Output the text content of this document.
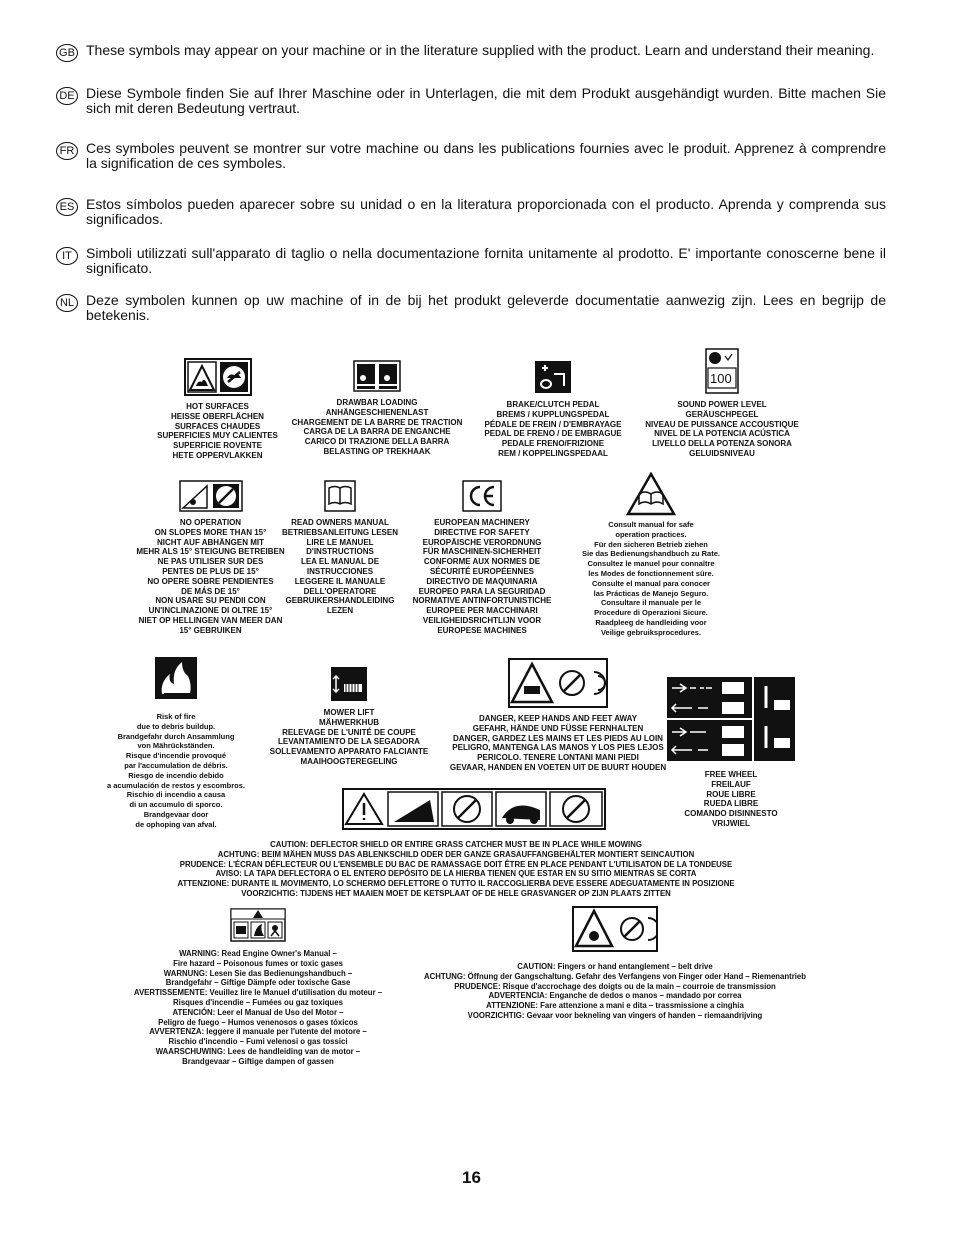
GB These symbols may appear on your machine or in the literature supplied with the product. Learn and understand their meaning.
DE Diese Symbole finden Sie auf Ihrer Maschine oder in Unterlagen, die mit dem Produkt ausgehändigt wurden. Bitte machen Sie sich mit deren Bedeutung vertraut.
FR Ces symboles peuvent se montrer sur votre machine ou dans les publications fournies avec le produit. Apprenez à comprendre la signification de ces symboles.
ES Estos símbolos pueden aparecer sobre su unidad o en la literatura proporcionada con el producto. Aprenda y comprenda sus significados.
IT	Simboli utilizzati sull'apparato di taglio o nella documentazione fornita unitamente al prodotto. E' importante conoscerne bene il significato.
NL Deze symbolen kunnen op uw machine of in de bij het produkt geleverde documentatie aanwezig zijn. Lees en begrijp de betekenis.
HOT SURFACES
HEISSE OBERFLÄCHEN
SURFACES CHAUDES
SUPERFICIES MUY CALIENTES
SUPERFICIE ROVENTE
HETE OPPERVLAKKEN
DRAWBAR LOADING
ANHÄNGESCHIENENLAST
CHARGEMENT DE LA BARRE DE TRACTION
CARGA DE LA BARRA DE ENGANCHE
CARICO DI TRAZIONE DELLA BARRA
BELASTING OP TREKHAAK
BRAKE/CLUTCH PEDAL
BREMS / KUPPLUNGSPEDAL
PÉDALE DE FREIN / D'EMBRAYAGE
PEDAL DE FRENO / DE EMBRAGUE
PEDALE FRENO/FRIZIONE
REM / KOPPELINGSPEDAAL
100
SOUND POWER LEVEL
GERÄUSCHPEGEL
NIVEAU DE PUISSANCE ACCOUSTIQUE
NIVEL DE LA POTENCIA ACÚSTICA
LIVELLO DELLA POTENZA SONORA
GELUIDSNIVEAU
NO OPERATION
ON SLOPES MORE THAN 15°
NICHT AUF ABHÄNGEN MIT
MEHR ALS 15° STEIGUNG BETREIBEN
NE PAS UTILISER SUR DES
PENTES DE PLUS DE 15°
NO OPERE SOBRE PENDIENTES
DE MÁS DE 15°
NON USARE SU PENDII CON
UN'INCLINAZIONE DI OLTRE 15°
NIET OP HELLINGEN VAN MEER DAN
15° GEBRUIKEN
READ OWNERS MANUAL
BETRIEBSANLEITUNG LESEN
LIRE LE MANUEL
D'INSTRUCTIONS
LEA EL MANUAL DE
INSTRUCCIONES
LEGGERE IL MANUALE
DELL'OPERATORE
GEBRUIKERSHANDLEIDING
LEZEN
EUROPEAN MACHINERY
DIRECTIVE FOR SAFETY
EUROPÄISCHE VERORDNUNG
FÜR MASCHINEN-SICHERHEIT
CONFORME AUX NORMES DE
SÉCURITÉ EUROPÉENNES
DIRECTIVO DE MAQUINARIA
EUROPEO PARA LA SEGURIDAD
NORMATIVE ANTINFORTUNISTICHE
EUROPEE PER MACCHINARI
VEILIGHEIDSRICHTLIJN VOOR
EUROPESE MACHINES
Consult manual for safe
operation practices.
Für den sicheren Betrieb ziehen
Sie das Bedienungshandbuch zu Rate.
Consultez le manuel pour connaître
les Modes de fonctionnement sûre.
Consulte el manual para conocer
las Prácticas de Manejo Seguro.
Consultare il manuale per le
Procedure di Operazioni Sicure.
Raadpleeg de handleiding voor
Veilige gebruiksprocedures.
Risk of fire
due to debris buildup.
Brandgefahr durch Ansammlung
von Mährückständen.
Risque d'incendie provoqué
par l'accumulation de débris.
Riesgo de incendio debido
a acumulación de restos y escombros.
Rischio di incendio a causa
di un accumulo di sporco.
Brandgevaar door
de ophoping van afval.
MOWER LIFT
MÄHWERKHUB
RELEVAGE DE L'UNITÉ DE COUPE
LEVANTAMIENTO DE LA SEGADORA
SOLLEVAMENTO APPARATO FALCIANTE
MAAIHOOGTEREGELING
DANGER, KEEP HANDS AND FEET AWAY
GEFAHR, HÄNDE UND FÜSSE FERNHALTEN
DANGER, GARDEZ LES MAINS ET LES PIEDS AU LOIN
PELIGRO, MANTENGA LAS MANOS Y LOS PIES LEJOS
PERICOLO. TENERE LONTANI MANI PIEDI
GEVAAR, HANDEN EN VOETEN UIT DE BUURT HOUDEN
FREE WHEEL
FREILAUF
ROUE LIBRE
RUEDA LIBRE
COMANDO DISINNESTO
VRIJWIEL
CAUTION: DEFLECTOR SHIELD OR ENTIRE GRASS CATCHER MUST BE IN PLACE WHILE MOWING
ACHTUNG: BEIM MÄHEN MUSS DAS ABLENKSCHILD ODER DER GANZE GRASAUFFANGBEHÄLTER MONTIERT SEINCAUTION
PRUDENCE: L'ÉCRAN DÉFLECTEUR OU L'ENSEMBLE DU BAC DE RAMASSAGE DOIT ÊTRE EN PLACE PENDANT L'UTILISATON DE LA TONDEUSE
AVISO: LA TAPA DEFLECTORA O EL ENTERO DEPÓSITO DE LA HIERBA TIENEN QUE ESTAR EN SU SITIO MIENTRAS SE CORTA
ATTENZIONE: DURANTE IL MOVIMENTO, LO SCHERMO DEFLETTORE O TUTTO IL RACCOGLIERBA DEVE ESSERE ADEGUATAMENTE IN POSIZIONE
VOORZICHTIG: TIJDENS HET MAAIEN MOET DE KETSPLAAT OF DE HELE GRASVANGER OP ZIJN PLAATS ZITTEN
WARNING: Read Engine Owner's Manual –
Fire hazard – Poisonous fumes or toxic gases
WARNUNG: Lesen Sie das Bedienungshandbuch –
Brandgefahr – Giftige Dämpfe oder toxische Gase
AVERTISSEMENTE: Veuillez lire le Manuel d'utilisation du moteur –
Risques d'incendie – Fumées ou gaz toxiques
ATENCIÓN: Leer el Manual de Uso del Motor –
Peligro de fuego – Humos venenosos o gases tóxicos
AVVERTENZA: leggere il manuale per l'utente del motore –
Rischio d'incendio – Fumi velenosi o gas tossici
WAARSCHUWING: Lees de handleiding van de motor –
Brandgevaar – Giftige dampen of gassen
CAUTION: Fingers or hand entanglement – belt drive
ACHTUNG: Öffnung der Gangschaltung. Gefahr des Verfangens von Finger oder Hand – Riemenantrieb
PRUDENCE: Risque d'accrochage des doigts ou de la main – courroie de transmission
ADVERTENCIA: Enganche de dedos o manos – mandado por correa
ATTENZIONE: Fare attenzione a mani e dita – trassmissione a cinghia
VOORZICHTIG: Gevaar voor bekneling van vingers of handen – riemaandrijving
16
